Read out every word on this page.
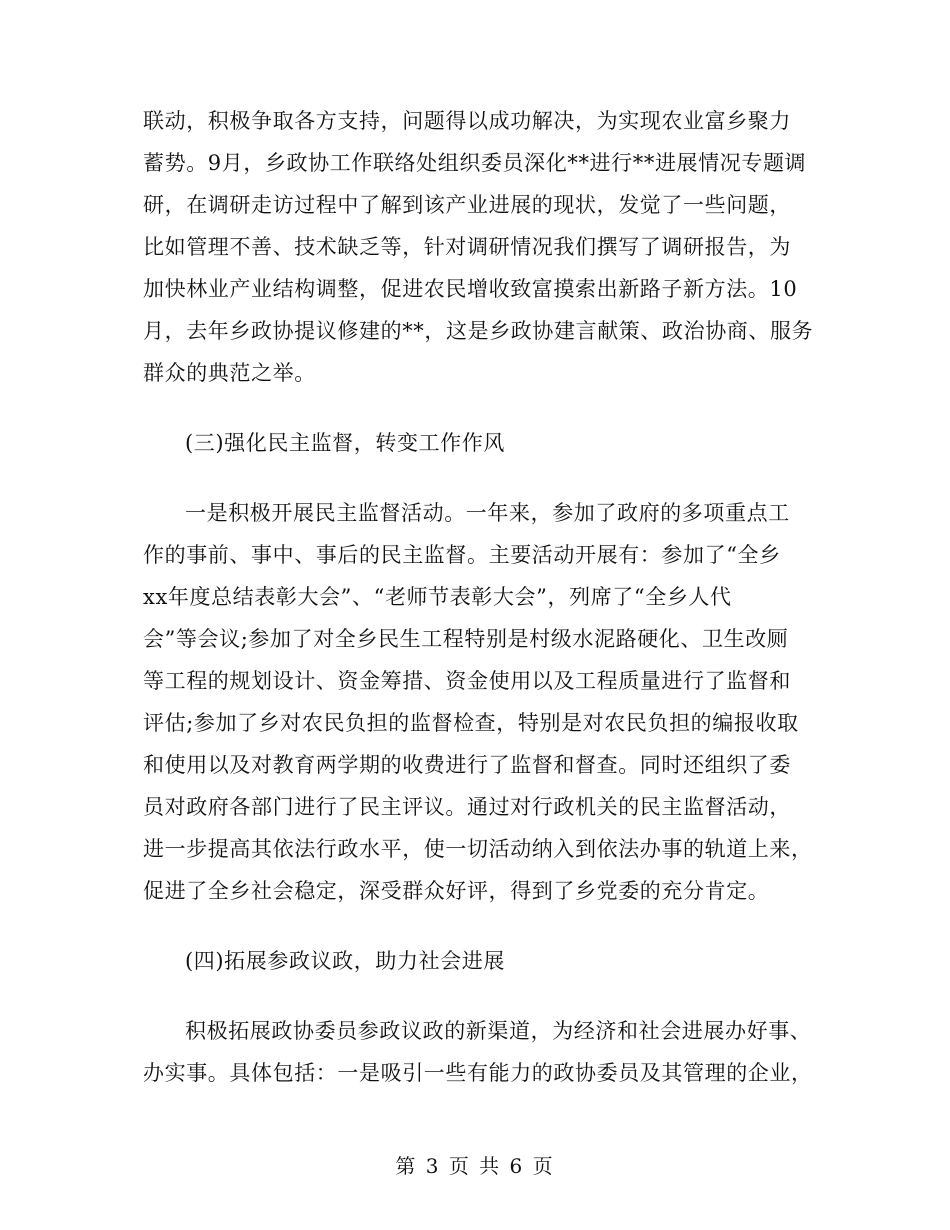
联动，积极争取各方支持，问题得以成功解决，为实现农业富乡聚力
蓄势。9月，乡政协工作联络处组织委员深化**进行**进展情况专题调
研，在调研走访过程中了解到该产业进展的现状，发觉了一些问题，
比如管理不善、技术缺乏等，针对调研情况我们撰写了调研报告，为
加快林业产业结构调整，促进农民增收致富摸索出新路子新方法。10
月，去年乡政协提议修建的**，这是乡政协建言献策、政治协商、服务
群众的典范之举。
(三)强化民主监督，转变工作作风
一是积极开展民主监督活动。一年来，参加了政府的多项重点工
作的事前、事中、事后的民主监督。主要活动开展有：参加了“全乡
xx年度总结表彰大会”、“老师节表彰大会”，列席了“全乡人代
会”等会议;参加了对全乡民生工程特别是村级水泥路硬化、卫生改厕
等工程的规划设计、资金筹措、资金使用以及工程质量进行了监督和
评估;参加了乡对农民负担的监督检查，特别是对农民负担的编报收取
和使用以及对教育两学期的收费进行了监督和督查。同时还组织了委
员对政府各部门进行了民主评议。通过对行政机关的民主监督活动，
进一步提高其依法行政水平，使一切活动纳入到依法办事的轨道上来，
促进了全乡社会稳定，深受群众好评，得到了乡党委的充分肯定。
(四)拓展参政议政，助力社会进展
积极拓展政协委员参政议政的新渠道，为经济和社会进展办好事、
办实事。具体包括：一是吸引一些有能力的政协委员及其管理的企业，
第 3 页 共 6 页
